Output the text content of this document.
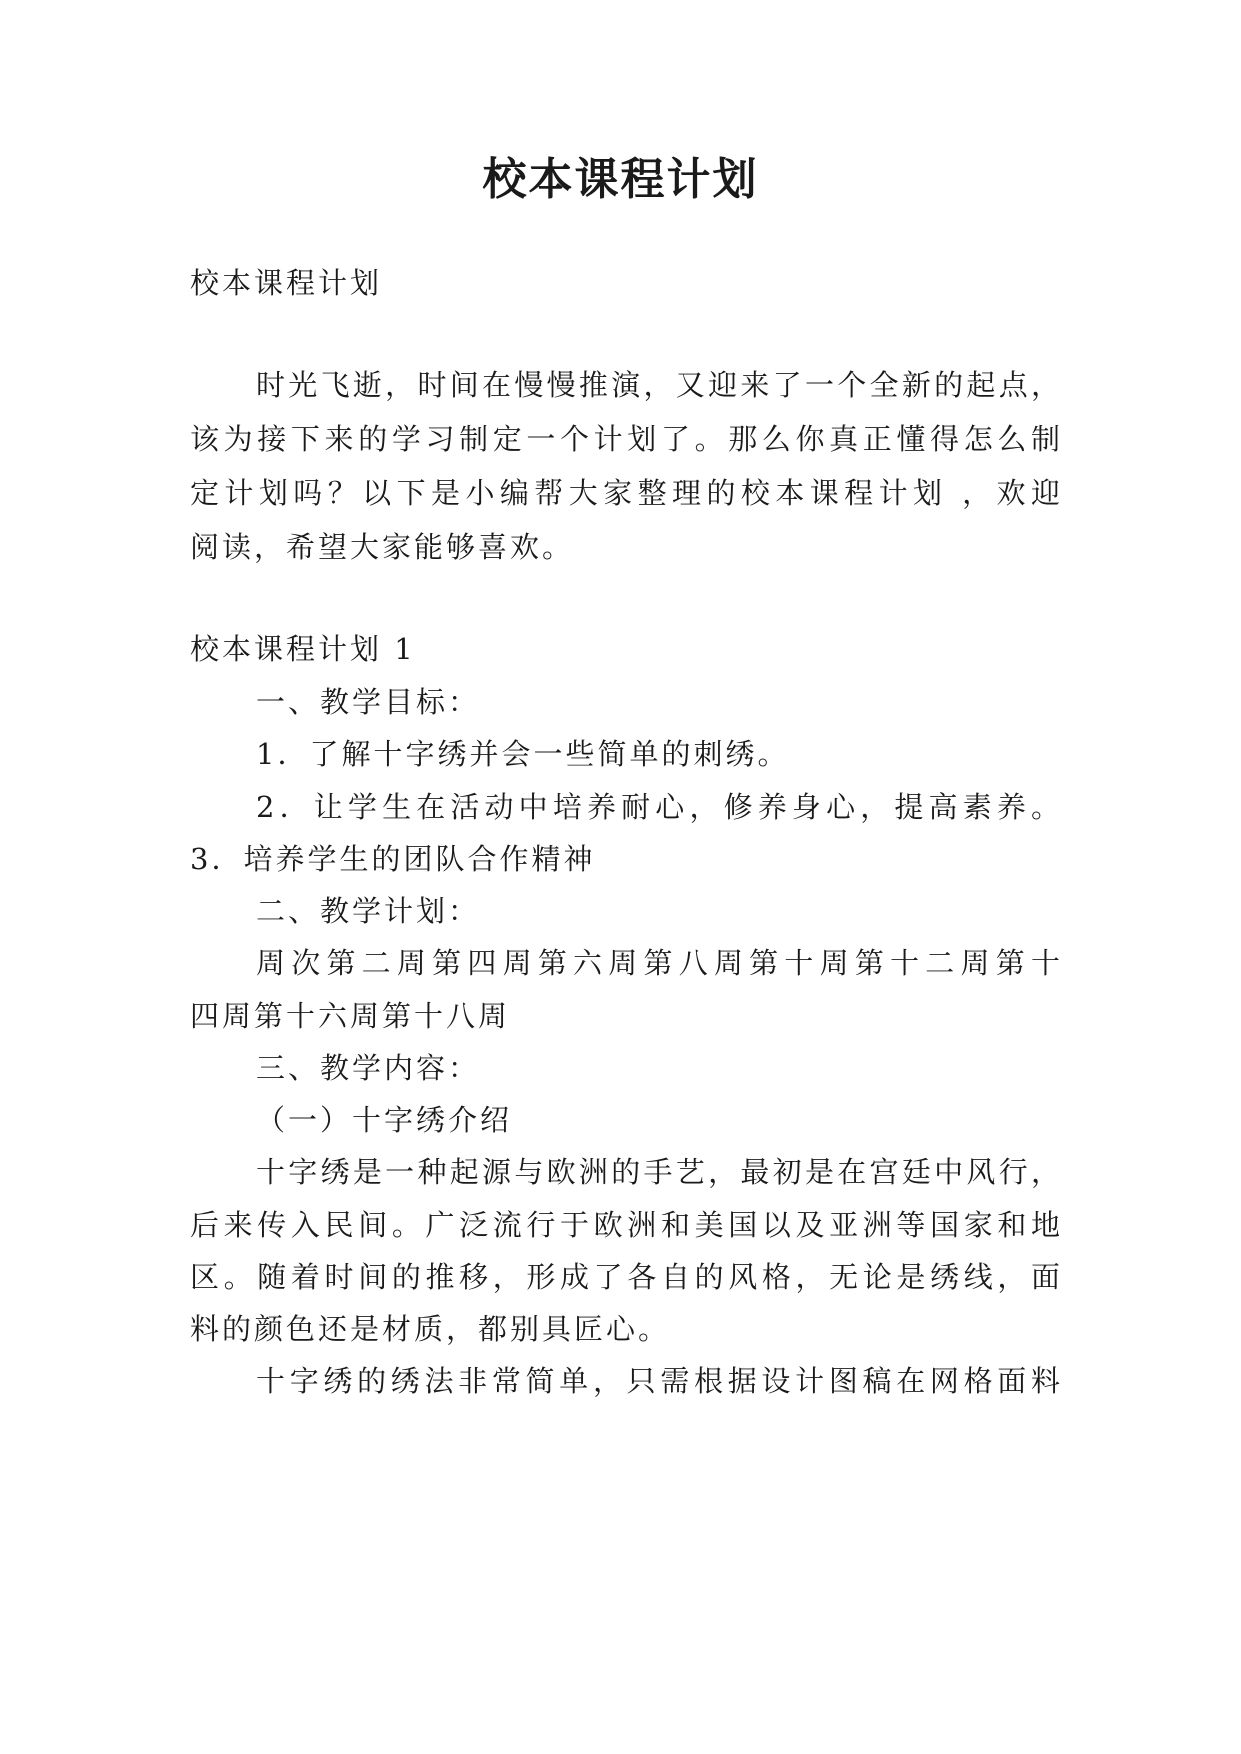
校本课程计划
校本课程计划
时光飞逝，时间在慢慢推演，又迎来了一个全新的起点，
该为接下来的学习制定一个计划了。那么你真正懂得怎么制
定计划吗？以下是小编帮大家整理的校本课程计划 ，欢迎
阅读，希望大家能够喜欢。
校本课程计划 1
一、教学目标：
1．了解十字绣并会一些简单的刺绣。
2．让学生在活动中培养耐心，修养身心，提高素养。
3．培养学生的团队合作精神
二、教学计划：
周次第二周第四周第六周第八周第十周第十二周第十
四周第十六周第十八周
三、教学内容：
（一）十字绣介绍
十字绣是一种起源与欧洲的手艺，最初是在宫廷中风行，
后来传入民间。广泛流行于欧洲和美国以及亚洲等国家和地
区。随着时间的推移，形成了各自的风格，无论是绣线，面
料的颜色还是材质，都别具匠心。
十字绣的绣法非常简单，只需根据设计图稿在网格面料
